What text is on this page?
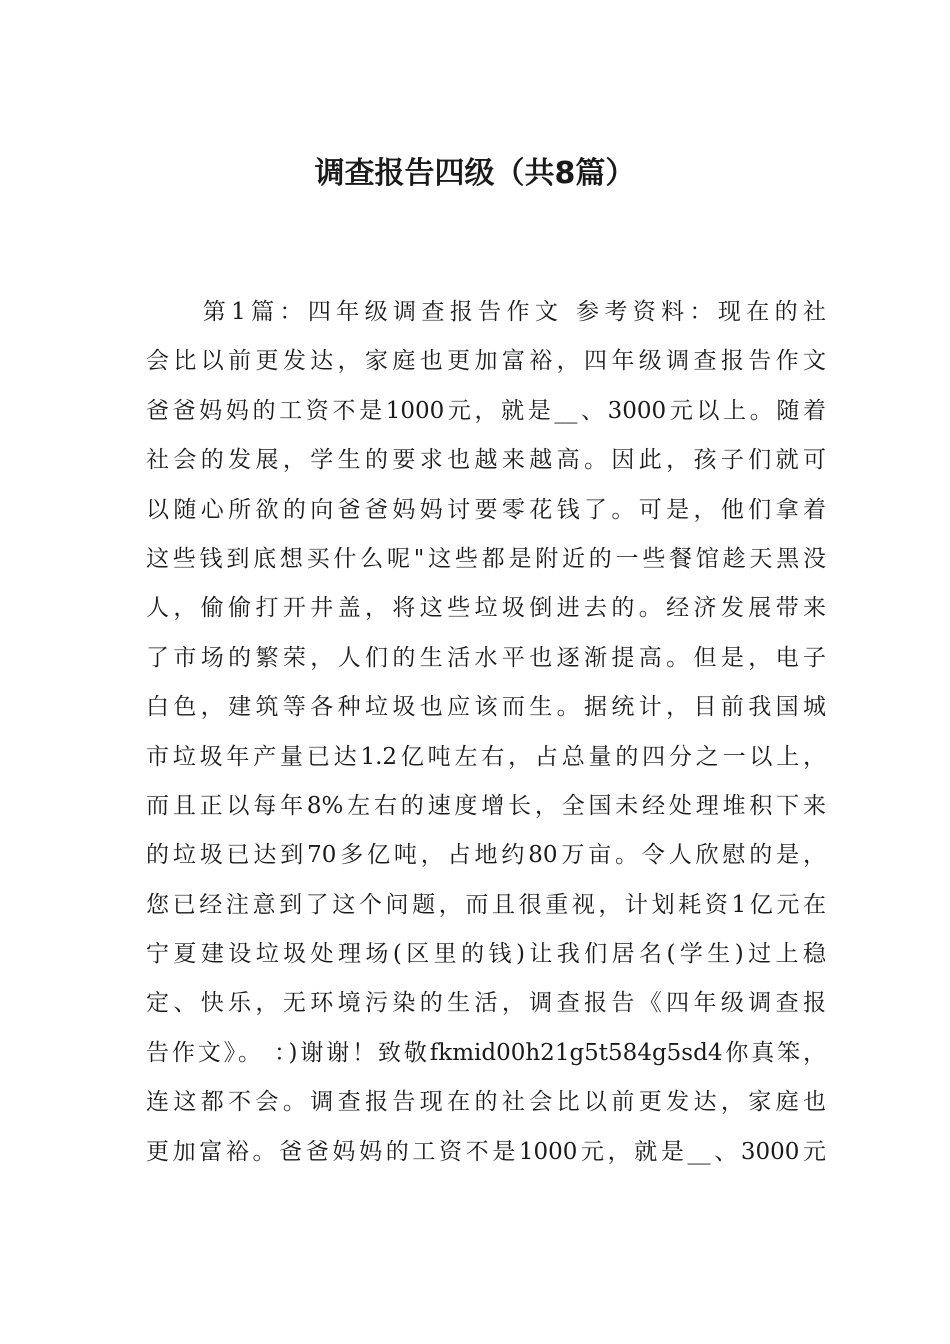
调查报告四级（共8篇）
　　第1篇：四年级调查报告作文 参考资料：现在的社
会比以前更发达，家庭也更加富裕，四年级调查报告作文
爸爸妈妈的工资不是1000元，就是__、3000元以上。随着
社会的发展，学生的要求也越来越高。因此，孩子们就可
以随心所欲的向爸爸妈妈讨要零花钱了。可是，他们拿着
这些钱到底想买什么呢"这些都是附近的一些餐馆趁天黑没
人，偷偷打开井盖，将这些垃圾倒进去的。经济发展带来
了市场的繁荣，人们的生活水平也逐渐提高。但是，电子
白色，建筑等各种垃圾也应该而生。据统计，目前我国城
市垃圾年产量已达1.2亿吨左右，占总量的四分之一以上，
而且正以每年8%左右的速度增长，全国未经处理堆积下来
的垃圾已达到70多亿吨，占地约80万亩。令人欣慰的是，
您已经注意到了这个问题，而且很重视，计划耗资1亿元在
宁夏建设垃圾处理场(区里的钱)让我们居名(学生)过上稳
定、快乐，无环境污染的生活，调查报告《四年级调查报
告作文》。 ：)谢谢！致敬fkmid00h21g5t584g5sd4你真笨，
连这都不会。调查报告现在的社会比以前更发达，家庭也
更加富裕。爸爸妈妈的工资不是1000元，就是__、3000元
